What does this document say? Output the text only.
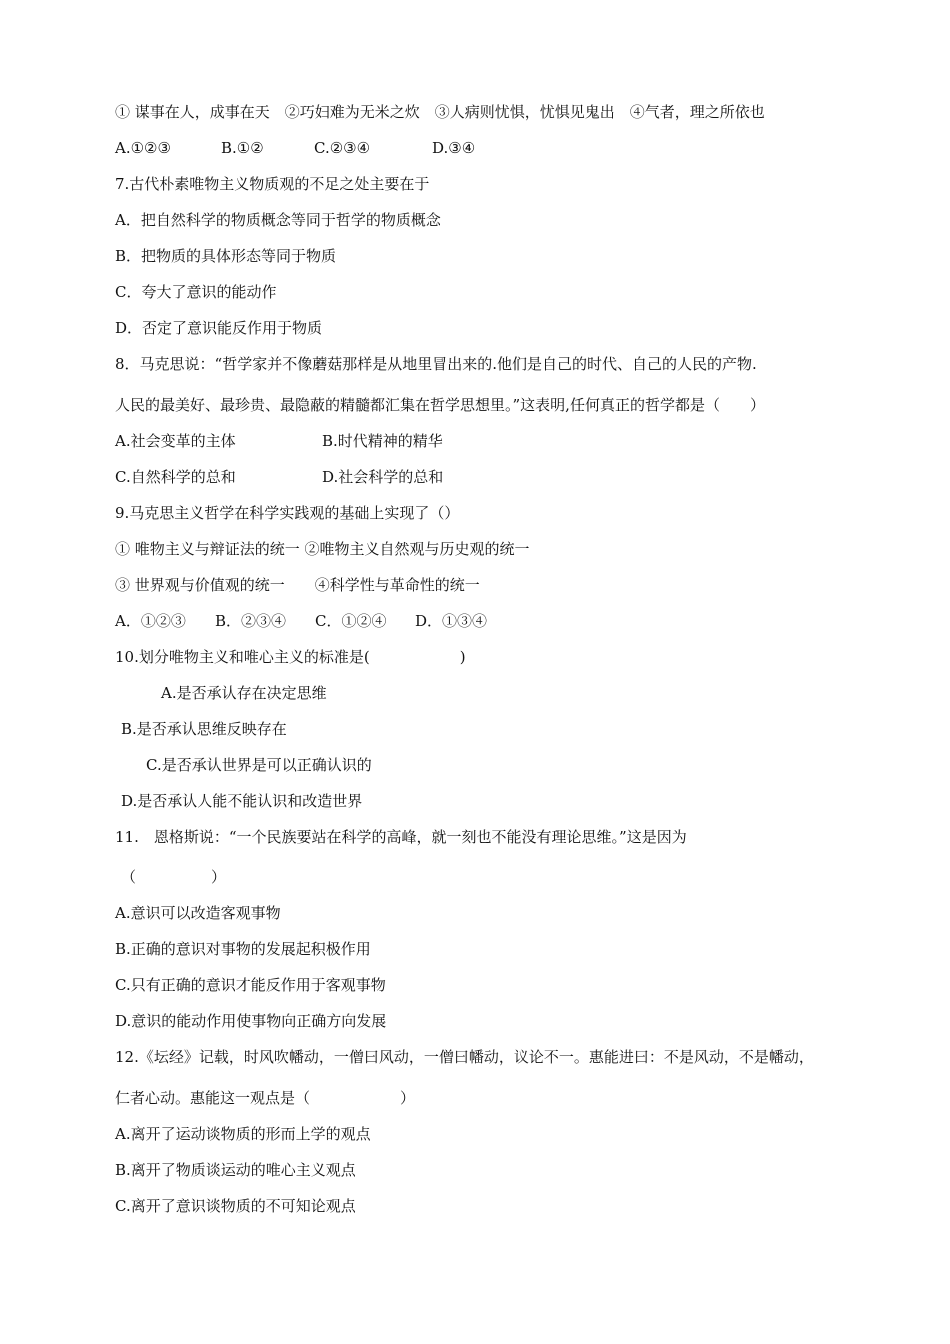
① 谋事在人，成事在天　②巧妇难为无米之炊　③人病则忧惧，忧惧见鬼出　④气者，理之所依也
A.①②③	B.①②	C.②③④	D.③④
7.古代朴素唯物主义物质观的不足之处主要在于
A．把自然科学的物质概念等同于哲学的物质概念
B．把物质的具体形态等同于物质
C．夸大了意识的能动作
D．否定了意识能反作用于物质
8．马克思说：“哲学家并不像蘑菇那样是从地里冒出来的.他们是自己的时代、自己的人民的产物.
人民的最美好、最珍贵、最隐蔽的精髓都汇集在哲学思想里。”这表明,任何真正的哲学都是（　　）
A.社会变革的主体	B.时代精神的精华
C.自然科学的总和	D.社会科学的总和
9.马克思主义哲学在科学实践观的基础上实现了（）
① 唯物主义与辩证法的统一 ②唯物主义自然观与历史观的统一
③ 世界观与价值观的统一　　④科学性与革命性的统一
A．①②③ B．②③④ C．①②④ D．①③④
10.划分唯物主义和唯心主义的标准是(　　　　　　)
A.是否承认存在决定思维
B.是否承认思维反映存在
C.是否承认世界是可以正确认识的
D.是否承认人能不能认识和改造世界
11.　恩格斯说：“一个民族要站在科学的高峰，就一刻也不能没有理论思维。”这是因为
（　　　　　）
A.意识可以改造客观事物
B.正确的意识对事物的发展起积极作用
C.只有正确的意识才能反作用于客观事物
D.意识的能动作用使事物向正确方向发展
12.《坛经》记载，时风吹幡动，一僧曰风动，一僧曰幡动，议论不一。惠能进曰：不是风动，不是幡动，
仁者心动。惠能这一观点是（　　　　　　）
A.离开了运动谈物质的形而上学的观点
B.离开了物质谈运动的唯心主义观点
C.离开了意识谈物质的不可知论观点
